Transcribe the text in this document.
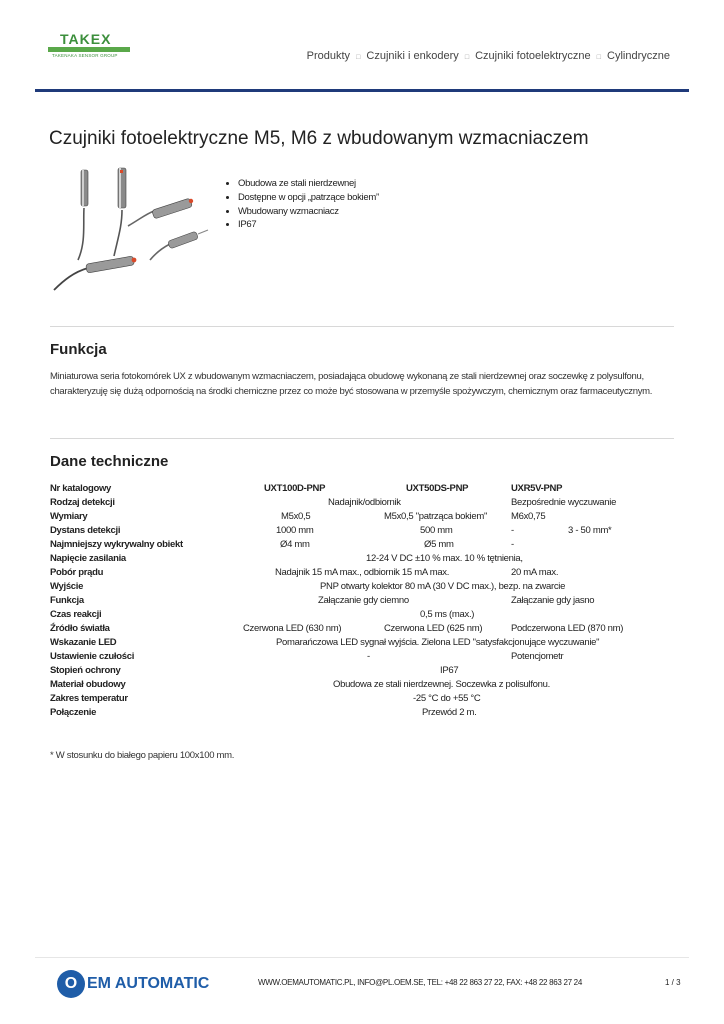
TAKEX
TAKENAKA SENSOR GROUP	Produkty □ Czujniki i enkodery □ Czujniki fotoelektryczne □ Cylindryczne
Czujniki fotoelektryczne M5, M6 z wbudowanym wzmacniaczem
• Obudowa ze stali nierdzewnej
• Dostępne w opcji „patrzące bokiem”
• Wbudowany wzmacniacz
• IP67
Funkcja

Miniaturowa seria fotokomórek UX z wbudowanym wzmacniaczem, posiadająca obudowę wykonaną ze stali nierdzewnej oraz soczewkę z polysulfonu, charakteryzuję się dużą odpornością na środki chemiczne przez co może być stosowana w przemyśle spożywczym, chemicznym oraz farmaceutycznym.

Dane techniczne
Nr katalogowy	UXT100D-PNP	UXT50DS-PNP	UXR5V-PNP
Rodzaj detekcji	Nadajnik/odbiornik	Bezpośrednie wyczuwanie
Wymiary	M5x0,5	M5x0,5 "patrząca bokiem"	M6x0,75
Dystans detekcji	1000 mm	500 mm	-	3 - 50 mm*
Najmniejszy wykrywalny obiekt	Ø4 mm	Ø5 mm	-
Napięcie zasilania	12-24 V DC ±10 % max. 10 % tętnienia,
Pobór prądu	Nadajnik 15 mA max., odbiornik 15 mA max.	20 mA max.
Wyjście	PNP otwarty kolektor 80 mA (30 V DC max.), bezp. na zwarcie
Funkcja	Załączanie gdy ciemno	Załączanie gdy jasno
Czas reakcji	0,5 ms (max.)
Źródło światła	Czerwona LED (630 nm)	Czerwona LED (625 nm)	Podczerwona LED (870 nm)
Wskazanie LED	Pomarańczowa LED sygnał wyjścia. Zielona LED "satysfakcjonujące wyczuwanie"
Ustawienie czułości	-	Potencjometr
Stopień ochrony	IP67
Materiał obudowy	Obudowa ze stali nierdzewnej. Soczewka z polisulfonu.
Zakres temperatur	-25 °C do +55 °C
Połączenie	Przewód 2 m.
* W stosunku do białego papieru 100x100 mm.
O EM AUTOMATIC	WWW.OEMAUTOMATIC.PL, INFO@PL.OEM.SE, TEL: +48 22 863 27 22, FAX: +48 22 863 27 24	1 / 3
